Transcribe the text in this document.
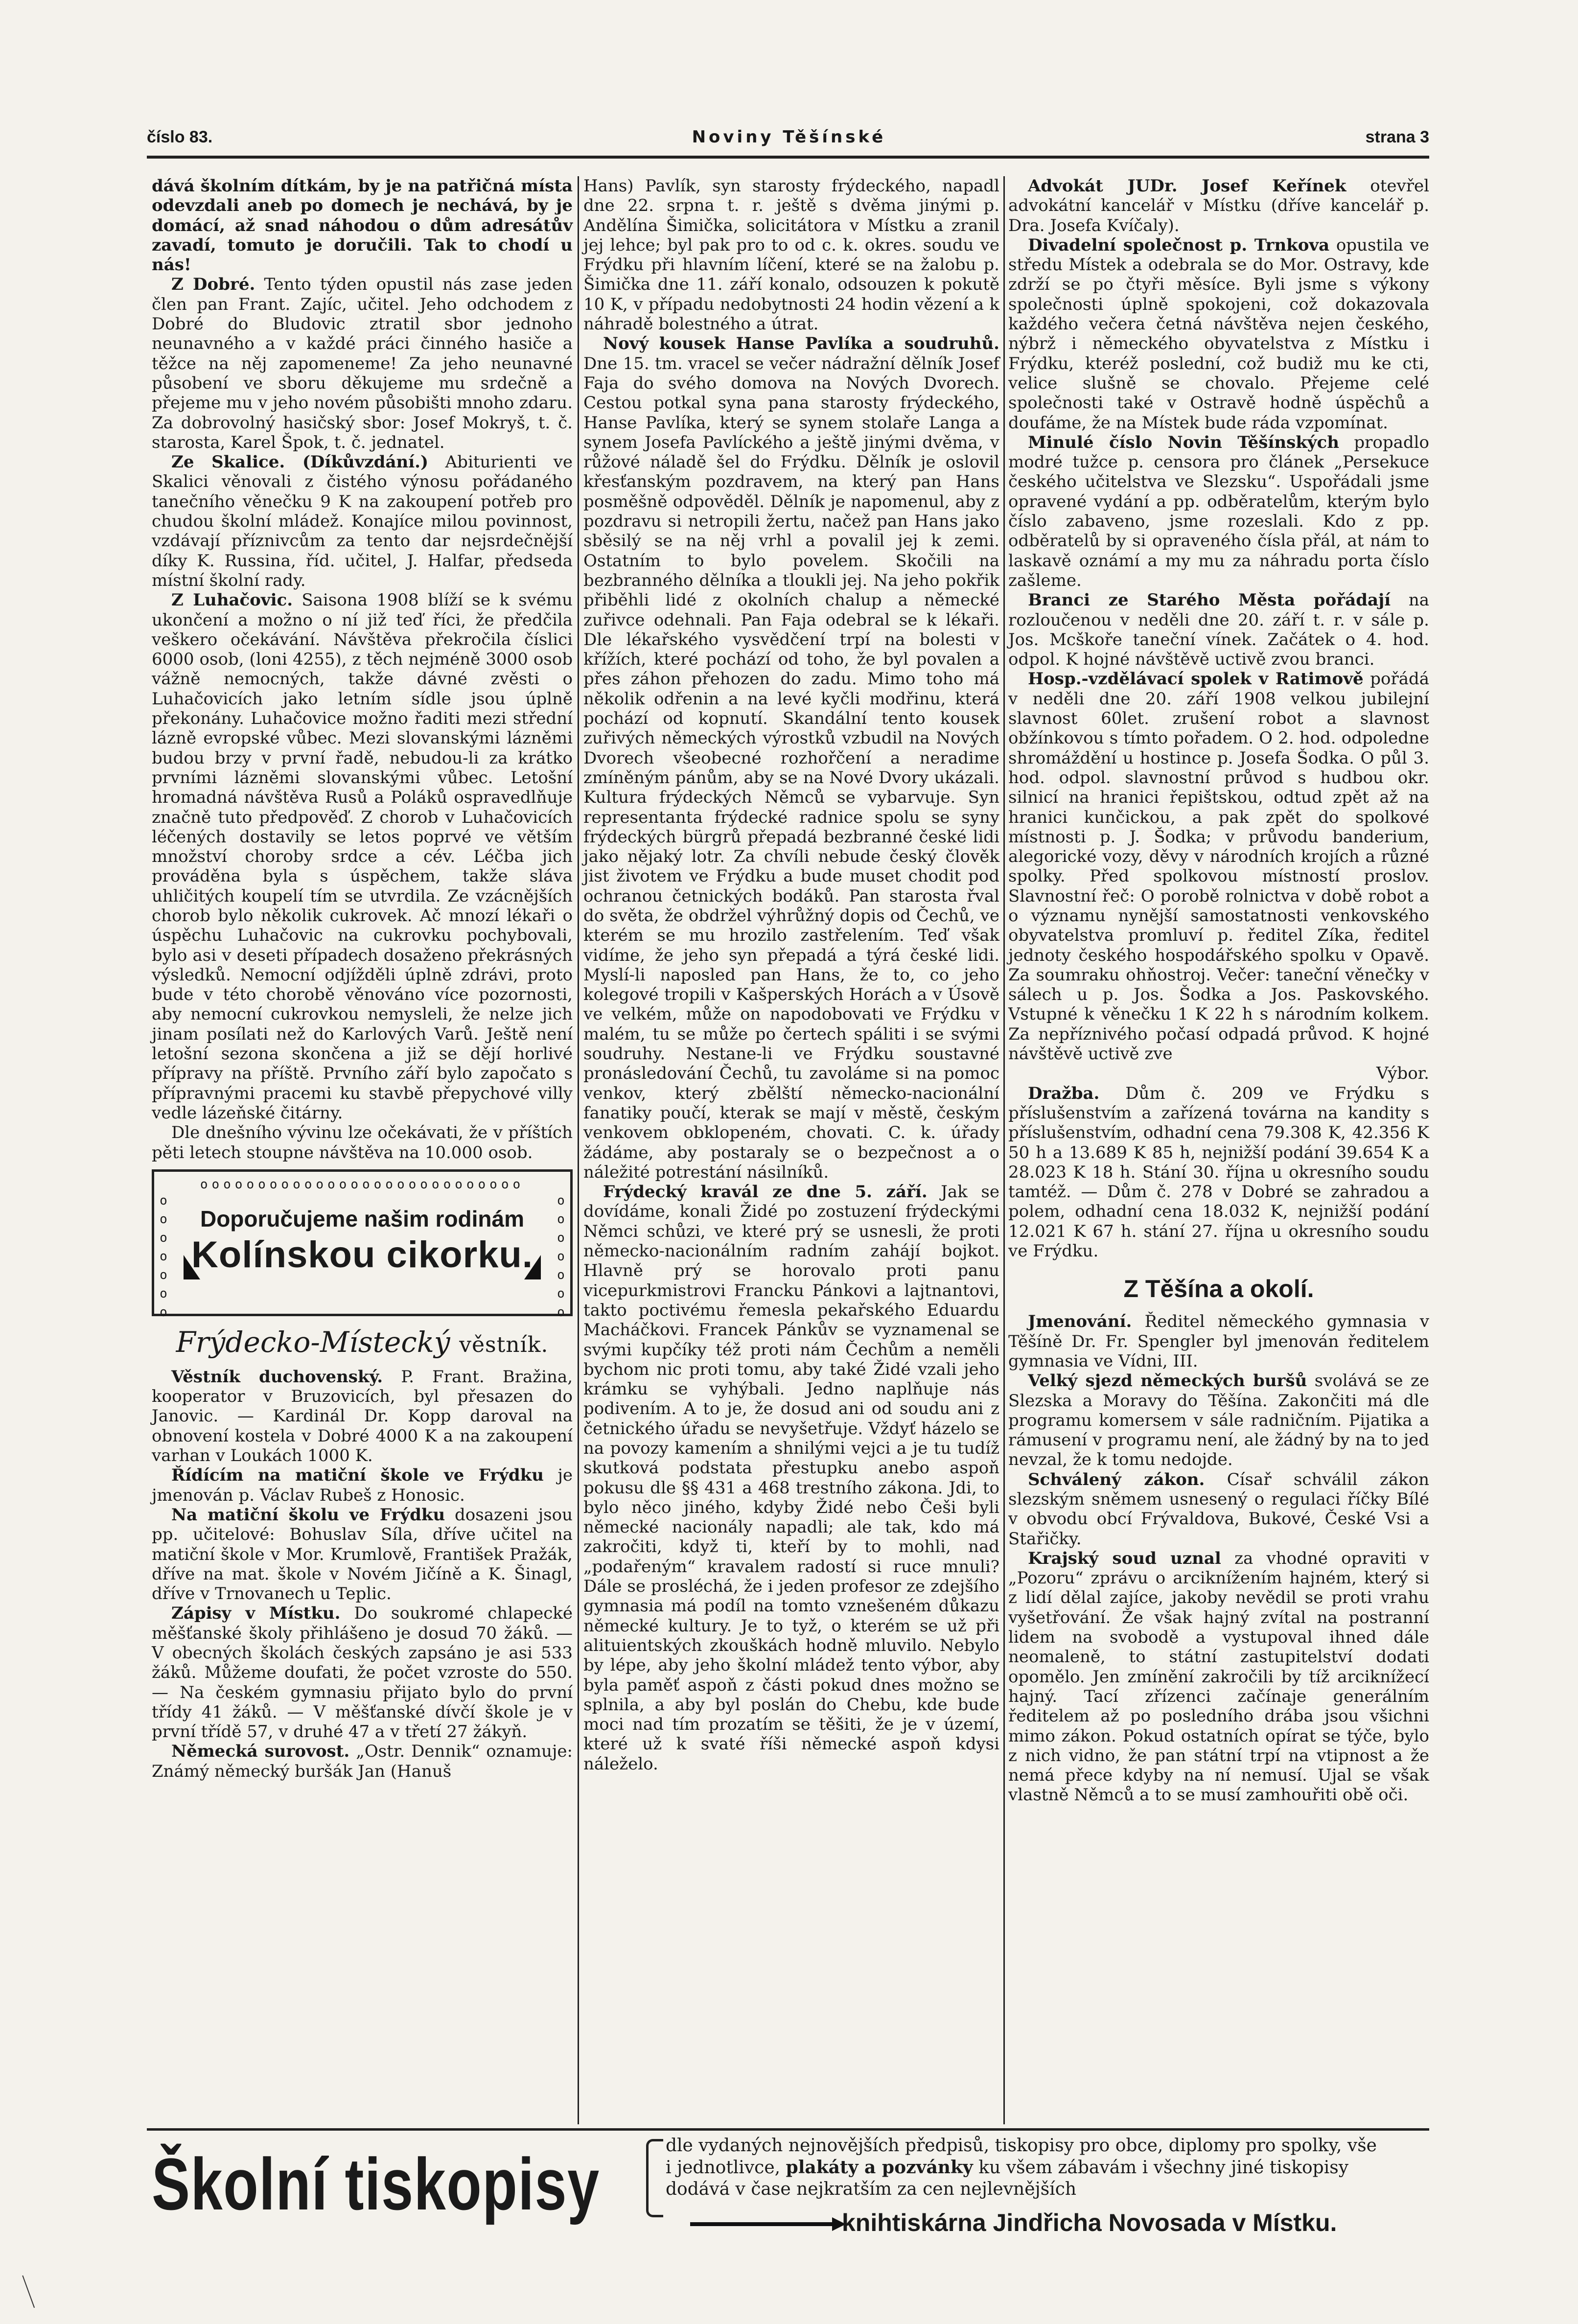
číslo 83.	Noviny Těšínské	strana 3

dává školním dítkám, by je na patřičná místa odevzdali aneb po domech je nechává, by je domácí, až snad náhodou o dům adresátův zavadí, tomuto je doručili. Tak to chodí u nás!

Z Dobré. Tento týden opustil nás zase jeden člen pan Frant. Zajíc, učitel. Jeho odchodem z Dobré do Bludovic ztratil sbor jednoho neunavného a v každé práci činného hasiče a těžce na něj zapomeneme! Za jeho neunavné působení ve sboru děkujeme mu srdečně a přejeme mu v jeho novém působišti mnoho zdaru. Za dobrovolný hasičský sbor: Josef Mokryš, t. č. starosta, Karel Špok, t. č. jednatel.

Ze Skalice. (Díkůvzdání.) Abiturienti ve Skalici věnovali z čistého výnosu pořádaného tanečního věnečku 9 K na zakoupení potřeb pro chudou školní mládež. Konajíce milou povinnost, vzdávají příznivcům za tento dar nejsrdečnější díky K. Russina, říd. učitel, J. Halfar, předseda místní školní rady.

Z Luhačovic. Saisona 1908 blíží se k svému ukončení a možno o ní již teď říci, že předčila veškero očekávání. Návštěva překročila číslici 6000 osob, (loni 4255), z těch nejméně 3000 osob vážně nemocných, takže dávné zvěsti o Luhačovicích jako letním sídle jsou úplně překonány. Luhačovice možno řaditi mezi střední lázně evropské vůbec. Mezi slovanskými lázněmi budou brzy v první řadě, nebudou-li za krátko prvními lázněmi slovanskými vůbec. Letošní hromadná návštěva Rusů a Poláků ospravedlňuje značně tuto předpověď. Z chorob v Luhačovicích léčených dostavily se letos poprvé ve větším množství choroby srdce a cév. Léčba jich prováděna byla s úspěchem, takže sláva uhličitých koupelí tím se utvrdila. Ze vzácnějších chorob bylo několik cukrovek. Ač mnozí lékaři o úspěchu Luhačovic na cukrovku pochybovali, bylo asi v deseti případech dosaženo překrásných výsledků. Nemocní odjížděli úplně zdrávi, proto bude v této chorobě věnováno více pozornosti, aby nemocní cukrovkou nemysleli, že nelze jich jinam posílati než do Karlových Varů. Ještě není letošní sezona skončena a již se dějí horlivé přípravy na příště. Prvního září bylo započato s přípravnými pracemi ku stavbě přepychové villy vedle lázeňské čitárny.

Dle dnešního vývinu lze očekávati, že v příštích pěti letech stoupne návštěva na 10.000 osob.

oooooooooooooooooooooooooooo
o
o
o
o
o
o
o
o
o
o
o
o
o
o
Doporučujeme našim rodinám
Kolínskou cikorku.
Frýdecko-Místecký věstník.

Věstník duchovenský. P. Frant. Bražina, kooperator v Bruzovicích, byl přesazen do Janovic. — Kardinál Dr. Kopp daroval na obnovení kostela v Dobré 4000 K a na zakoupení varhan v Loukách 1000 K.

Řídícím na matiční škole ve Frýdku je jmenován p. Václav Rubeš z Honosic.

Na matiční školu ve Frýdku dosazeni jsou pp. učitelové: Bohuslav Síla, dříve učitel na matiční škole v Mor. Krumlově, František Pražák, dříve na mat. škole v Novém Jičíně a K. Šinagl, dříve v Trnovanech u Teplic.

Zápisy v Místku. Do soukromé chlapecké měšťanské školy přihlášeno je dosud 70 žáků. — V obecných školách českých zapsáno je asi 533 žáků. Můžeme doufati, že počet vzroste do 550. — Na českém gymnasiu přijato bylo do první třídy 41 žáků. — V měšťanské dívčí škole je v první třídě 57, v druhé 47 a v třetí 27 žákyň.

Německá surovost. „Ostr. Dennik“ oznamuje: Známý německý buršák Jan (Hanuš

Hans) Pavlík, syn starosty frýdeckého, napadl dne 22. srpna t. r. ještě s dvěma jinými p. Andělína Šimička, solicitátora v Místku a zranil jej lehce; byl pak pro to od c. k. okres. soudu ve Frýdku při hlavním líčení, které se na žalobu p. Šimička dne 11. září konalo, odsouzen k pokutě 10 K, v případu nedobytnosti 24 hodin vězení a k náhradě bolestného a útrat.

Nový kousek Hanse Pavlíka a soudruhů. Dne 15. tm. vracel se večer nádražní dělník Josef Faja do svého domova na Nových Dvorech. Cestou potkal syna pana starosty frýdeckého, Hanse Pavlíka, který se synem stolaře Langa a synem Josefa Pavlíckého a ještě jinými dvěma, v růžové náladě šel do Frýdku. Dělník je oslovil křesťanským pozdravem, na který pan Hans posměšně odpověděl. Dělník je napomenul, aby z pozdravu si netropili žertu, načež pan Hans jako sběsilý se na něj vrhl a povalil jej k zemi. Ostatním to bylo povelem. Skočili na bezbranného dělníka a tloukli jej. Na jeho pokřik přiběhli lidé z okolních chalup a německé zuřivce odehnali. Pan Faja odebral se k lékaři. Dle lékařského vysvědčení trpí na bolesti v křížích, které pochází od toho, že byl povalen a přes záhon přehozen do zadu. Mimo toho má několik odřenin a na levé kyčli modřinu, která pochází od kopnutí. Skandální tento kousek zuřivých německých výrostků vzbudil na Nových Dvorech všeobecné rozhořčení a neradime zmíněným pánům, aby se na Nové Dvory ukázali. Kultura frýdeckých Němců se vybarvuje. Syn representanta frýdecké radnice spolu se syny frýdeckých bürgrů přepadá bezbranné české lidi jako nějaký lotr. Za chvíli nebude český člověk jist životem ve Frýdku a bude muset chodit pod ochranou četnických bodáků. Pan starosta řval do světa, že obdržel výhrůžný dopis od Čechů, ve kterém se mu hrozilo zastřelením. Teď však vidíme, že jeho syn přepadá a týrá české lidi. Myslí-li naposled pan Hans, že to, co jeho kolegové tropili v Kašperských Horách a v Úsově ve velkém, může on napodobovati ve Frýdku v malém, tu se může po čertech spáliti i se svými soudruhy. Nestane-li ve Frýdku soustavné pronásledování Čechů, tu zavoláme si na pomoc venkov, který zbělští německo-nacionální fanatiky poučí, kterak se mají v městě, českým venkovem obklopeném, chovati. C. k. úřady žádáme, aby postaraly se o bezpečnost a o náležité potrestání násilníků.

Frýdecký kravál ze dne 5. září. Jak se dovídáme, konali Židé po zostuzení frýdeckými Němci schůzi, ve které prý se usnesli, že proti německo-nacionálním radním zahájí bojkot. Hlavně prý se horovalo proti panu vicepurkmistrovi Francku Pánkovi a lajtnantovi, takto poctivému řemesla pekařského Eduardu Macháčkovi. Francek Pánkův se vyznamenal se svými kupčíky též proti nám Čechům a neměli bychom nic proti tomu, aby také Židé vzali jeho krámku se vyhýbali. Jedno naplňuje nás podivením. A to je, že dosud ani od soudu ani z četnického úřadu se nevyšetřuje. Vždyť házelo se na povozy kamením a shnilými vejci a je tu tudíž skutková podstata přestupku anebo aspoň pokusu dle §§ 431 a 468 trestního zákona. Jdi, to bylo něco jiného, kdyby Židé nebo Češi byli německé nacionály napadli; ale tak, kdo má zakročiti, když ti, kteří by to mohli, nad „podařeným“ kravalem radostí si ruce mnuli? Dále se prosléchá, že i jeden profesor ze zdejšího gymnasia má podíl na tomto vznešeném důkazu německé kultury. Je to tyž, o kterém se už při alituientských zkouškách hodně mluvilo. Nebylo by lépe, aby jeho školní mládež tento výbor, aby byla paměť aspoň z části pokud dnes možno se splnila, a aby byl poslán do Chebu, kde bude moci nad tím prozatím se těšiti, že je v území, které už k svaté říši německé aspoň kdysi náleželo.

Advokát JUDr. Josef Keřínek otevřel advokátní kancelář v Místku (dříve kancelář p. Dra. Josefa Kvíčaly).

Divadelní společnost p. Trnkova opustila ve středu Místek a odebrala se do Mor. Ostravy, kde zdrží se po čtyři měsíce. Byli jsme s výkony společnosti úplně spokojeni, což dokazovala každého večera četná návštěva nejen českého, nýbrž i německého obyvatelstva z Místku i Frýdku, kteréž poslední, což budiž mu ke cti, velice slušně se chovalo. Přejeme celé společnosti také v Ostravě hodně úspěchů a doufáme, že na Místek bude ráda vzpomínat.

Minulé číslo Novin Těšínských propadlo modré tužce p. censora pro článek „Persekuce českého učitelstva ve Slezsku“. Uspořádali jsme opravené vydání a pp. odběratelům, kterým bylo číslo zabaveno, jsme rozeslali. Kdo z pp. odběratelů by si opraveného čísla přál, at nám to laskavě oznámí a my mu za náhradu porta číslo zašleme.

Branci ze Starého Města pořádají na rozloučenou v neděli dne 20. září t. r. v sále p. Jos. Mcškoře taneční vínek. Začátek o 4. hod. odpol. K hojné návštěvě uctivě zvou branci.

Hosp.-vzdělávací spolek v Ratimově pořádá v neděli dne 20. září 1908 velkou jubilejní slavnost 60let. zrušení robot a slavnost obžínkovou s tímto pořadem. O 2. hod. odpoledne shromáždění u hostince p. Josefa Šodka. O půl 3. hod. odpol. slavnostní průvod s hudbou okr. silnicí na hranici řepištskou, odtud zpět až na hranici kunčickou, a pak zpět do spolkové místnosti p. J. Šodka; v průvodu banderium, alegorické vozy, děvy v národních krojích a různé spolky. Před spolkovou místností proslov. Slavnostní řeč: O porobě rolnictva v době robot a o významu nynější samostatnosti venkovského obyvatelstva promluví p. ředitel Zíka, ředitel jednoty českého hospodářského spolku v Opavě. Za soumraku ohňostroj. Večer: taneční věnečky v sálech u p. Jos. Šodka a Jos. Paskovského. Vstupné k věnečku 1 K 22 h s národním kolkem. Za nepříznivého počasí odpadá průvod. K hojné návštěvě uctivě zve

Výbor.

Dražba. Dům č. 209 ve Frýdku s příslušenstvím a zařízená továrna na kandity s příslušenstvím, odhadní cena 79.308 K, 42.356 K 50 h a 13.689 K 85 h, nejnižší podání 39.654 K a 28.023 K 18 h. Stání 30. října u okresního soudu tamtéž. — Dům č. 278 v Dobré se zahradou a polem, odhadní cena 18.032 K, nejnižší podání 12.021 K 67 h. stání 27. října u okresního soudu ve Frýdku.

Z Těšína a okolí.

Jmenování. Ředitel německého gymnasia v Těšíně Dr. Fr. Spengler byl jmenován ředitelem gymnasia ve Vídni, III.

Velký sjezd německých buršů svolává se ze Slezska a Moravy do Těšína. Zakončiti má dle programu komersem v sále radničním. Pijatika a rámusení v programu není, ale žádný by na to jed nevzal, že k tomu nedojde.

Schválený zákon. Císař schválil zákon slezským sněmem usnesený o regulaci říčky Bílé v obvodu obcí Frývaldova, Bukové, České Vsi a Stařičky.

Krajský soud uznal za vhodné opraviti v „Pozoru“ zprávu o arciknížením hajném, který si z lidí dělal zajíce, jakoby nevědil se proti vrahu vyšetřování. Že však hajný zvítal na postranní lidem na svobodě a vystupoval ihned dále neomaleně, to státní zastupitelství dodati opomělo. Jen zmínění zakročili by tíž arciknížecí hajný. Tací zřízenci začínaje generálním ředitelem až po posledního drába jsou všichni mimo zákon. Pokud ostatních opírat se týče, bylo z nich vidno, že pan státní trpí na vtipnost a že nemá přece kdyby na ní nemusí. Ujal se však vlastně Němců a to se musí zamhouřiti obě oči.

Školní tiskopisy	dle vydaných nejnovějších předpisů, tiskopisy pro obce, diplomy pro spolky, vše
i jednotlivce, plakáty a pozvánky ku všem zábavám i všechny jiné tiskopisy
dodává v čase nejkratším za cen nejlevnějších
knihtiskárna Jindřicha Novosada v Místku.
